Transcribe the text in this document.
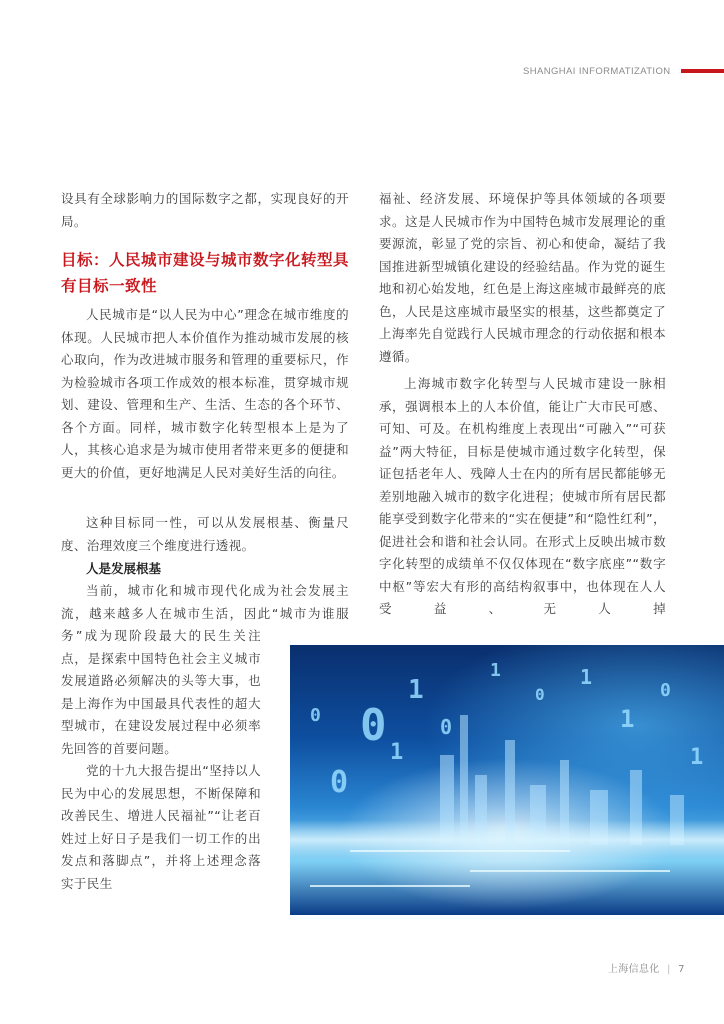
SHANGHAI INFORMATIZATION

设具有全球影响力的国际数字之都，实现良好的开局。

目标：人民城市建设与城市数字化转型具有目标一致性

人民城市是“以人民为中心”理念在城市维度的体现。人民城市把人本价值作为推动城市发展的核心取向，作为改进城市服务和管理的重要标尺，作为检验城市各项工作成效的根本标准，贯穿城市规划、建设、管理和生产、生活、生态的各个环节、各个方面。同样，城市数字化转型根本上是为了人，其核心追求是为城市使用者带来更多的便捷和更大的价值，更好地满足人民对美好生活的向往。

这种目标同一性，可以从发展根基、衡量尺度、治理效度三个维度进行透视。

人是发展根基

当前，城市化和城市现代化成为社会发展主流，越来越多人在城市生活，因此“城市为谁服

务”成为现阶段最大的民生关注点，是探索中国特色社会主义城市发展道路必须解决的头等大事，也是上海作为中国最具代表性的超大型城市，在建设发展过程中必须率先回答的首要问题。

党的十九大报告提出“坚持以人民为中心的发展思想，不断保障和改善民生、增进人民福祉”“让老百姓过上好日子是我们一切工作的出发点和落脚点”，并将上述理念落实于民生

福祉、经济发展、环境保护等具体领域的各项要求。这是人民城市作为中国特色城市发展理论的重要源流，彰显了党的宗旨、初心和使命，凝结了我国推进新型城镇化建设的经验结晶。作为党的诞生地和初心始发地，红色是上海这座城市最鲜亮的底色，人民是这座城市最坚实的根基，这些都奠定了上海率先自觉践行人民城市理念的行动依据和根本遵循。

上海城市数字化转型与人民城市建设一脉相承，强调根本上的人本价值，能让广大市民可感、可知、可及。在机构维度上表现出“可融入”“可获益”两大特征，目标是使城市通过数字化转型，保证包括老年人、残障人士在内的所有居民都能够无差别地融入城市的数字化进程；使城市所有居民都能享受到数字化带来的“实在便捷”和“隐性红利”，促进社会和谐和社会认同。在形式上反映出城市数字化转型的成绩单不仅仅体现在“数字底座”“数字中枢”等宏大有形的高结构叙事中，也体现在人人受益、无人掉

0
1
0
1
0
1
0
1
1
0
1
0
上海信息化 | 7
